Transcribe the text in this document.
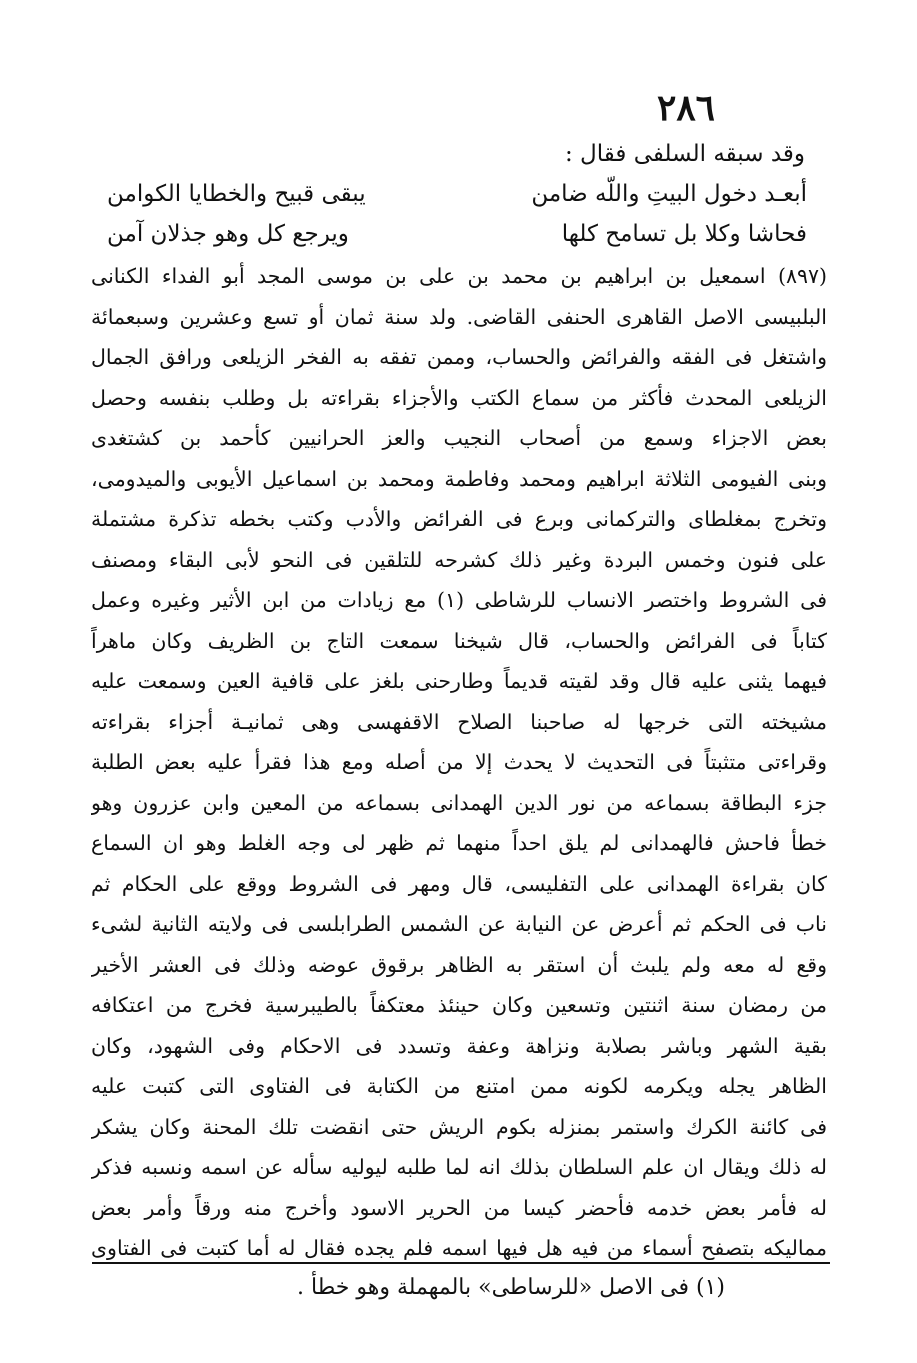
٢٨٦
وقد سبقه السلفى فقال :
أبعـد دخول البيتِ واللّه ضامن
يبقى قبيح والخطايا الكوامن
فحاشا وكلا بل تسامح كلها
ويرجع كل وهو جذلان آمن
(٨٩٧) اسمعيل بن ابراهيم بن محمد بن على بن موسى المجد أبو الفداء الكنانى
البلبيسى الاصل القاهرى الحنفى القاضى. ولد سنة ثمان أو تسع وعشرين وسبعمائة
واشتغل فى الفقه والفرائض والحساب، وممن تفقه به الفخر الزيلعى ورافق الجمال
الزيلعى المحدث فأكثر من سماع الكتب والأجزاء بقراءته بل وطلب بنفسه وحصل
بعض الاجزاء وسمع من أصحاب النجيب والعز الحرانيين كأحمد بن كشتغدى
وبنى الفيومى الثلاثة ابراهيم ومحمد وفاطمة ومحمد بن اسماعيل الأيوبى والميدومى،
وتخرج بمغلطاى والتركمانى وبرع فى الفرائض والأدب وكتب بخطه تذكرة مشتملة
على فنون وخمس البردة وغير ذلك كشرحه للتلقين فى النحو لأبى البقاء ومصنف
فى الشروط واختصر الانساب للرشاطى (١) مع زيادات من ابن الأثير وغيره وعمل
كتاباً فى الفرائض والحساب، قال شيخنا سمعت التاج بن الظريف وكان ماهراً
فيهما يثنى عليه قال وقد لقيته قديماً وطارحنى بلغز على قافية العين وسمعت عليه
مشيخته التى خرجها له صاحبنا الصلاح الاقفهسى وهى ثمانيـة أجزاء بقراءته
وقراءتى متثبتاً فى التحديث لا يحدث إلا من أصله ومع هذا فقرأ عليه بعض الطلبة
جزء البطاقة بسماعه من نور الدين الهمدانى بسماعه من المعين وابن عزرون وهو
خطأ فاحش فالهمدانى لم يلق احداً منهما ثم ظهر لى وجه الغلط وهو ان السماع
كان بقراءة الهمدانى على التفليسى، قال ومهر فى الشروط ووقع على الحكام ثم
ناب فى الحكم ثم أعرض عن النيابة عن الشمس الطرابلسى فى ولايته الثانية لشىء
وقع له معه ولم يلبث أن استقر به الظاهر برقوق عوضه وذلك فى العشر الأخير
من رمضان سنة اثنتين وتسعين وكان حينئذ معتكفاً بالطيبرسية فخرج من اعتكافه
بقية الشهر وباشر بصلابة ونزاهة وعفة وتسدد فى الاحكام وفى الشهود، وكان
الظاهر يجله ويكرمه لكونه ممن امتنع من الكتابة فى الفتاوى التى كتبت عليه
فى كائنة الكرك واستمر بمنزله بكوم الريش حتى انقضت تلك المحنة وكان يشكر
له ذلك ويقال ان علم السلطان بذلك انه لما طلبه ليوليه سأله عن اسمه ونسبه فذكر
له فأمر بعض خدمه فأحضر كيسا من الحرير الاسود وأخرج منه ورقاً وأمر بعض
مماليكه بتصفح أسماء من فيه هل فيها اسمه فلم يجده فقال له أما كتبت فى الفتاوى
(١) فى الاصل «للرساطى» بالمهملة وهو خطأ .
